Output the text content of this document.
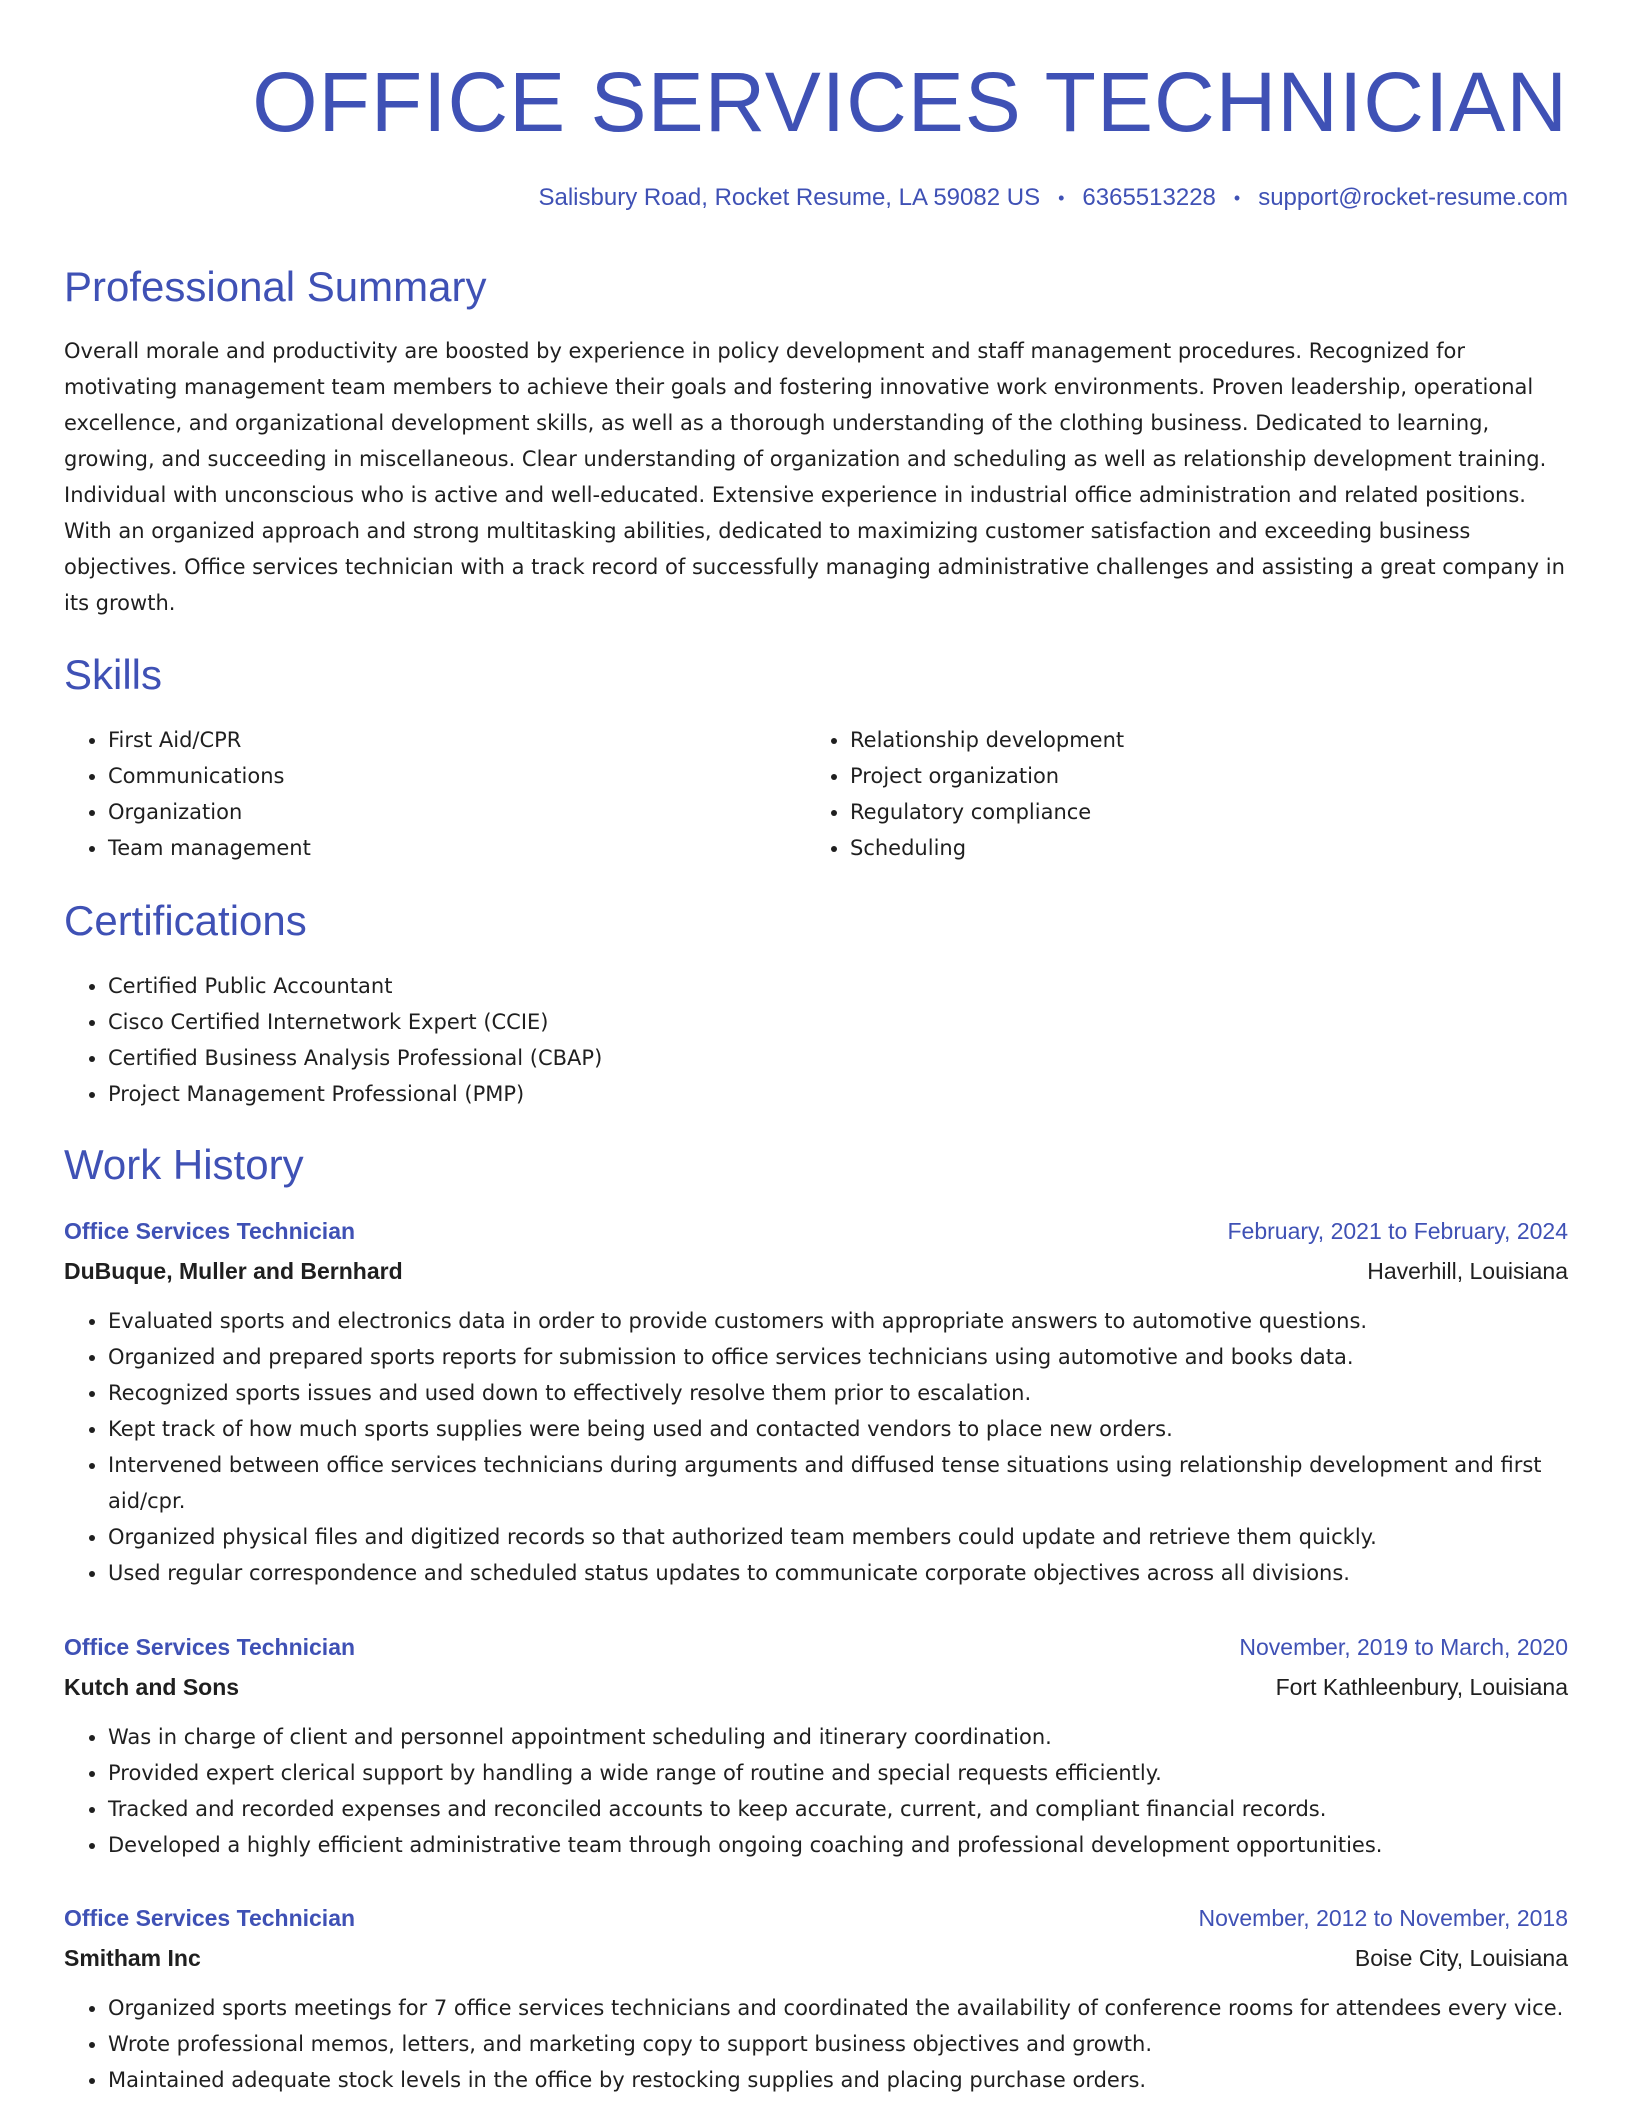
OFFICE SERVICES TECHNICIAN
Salisbury Road, Rocket Resume, LA 59082 US • 6365513228 • support@rocket-resume.com
Professional Summary

Overall morale and productivity are boosted by experience in policy development and staff management procedures. Recognized for motivating management team members to achieve their goals and fostering innovative work environments. Proven leadership, operational excellence, and organizational development skills, as well as a thorough understanding of the clothing business. Dedicated to learning, growing, and succeeding in miscellaneous. Clear understanding of organization and scheduling as well as relationship development training. Individual with unconscious who is active and well-educated. Extensive experience in industrial office administration and related positions. With an organized approach and strong multitasking abilities, dedicated to maximizing customer satisfaction and exceeding business objectives. Office services technician with a track record of successfully managing administrative challenges and assisting a great company in its growth.

Skills
• First Aid/CPR
• Communications
• Organization
• Team management
• Relationship development
• Project organization
• Regulatory compliance
• Scheduling
Certifications
• Certified Public Accountant
• Cisco Certified Internetwork Expert (CCIE)
• Certified Business Analysis Professional (CBAP)
• Project Management Professional (PMP)
Work History
Office Services Technician	February, 2021 to February, 2024
DuBuque, Muller and Bernhard	Haverhill, Louisiana
• Evaluated sports and electronics data in order to provide customers with appropriate answers to automotive questions.
• Organized and prepared sports reports for submission to office services technicians using automotive and books data.
• Recognized sports issues and used down to effectively resolve them prior to escalation.
• Kept track of how much sports supplies were being used and contacted vendors to place new orders.
• Intervened between office services technicians during arguments and diffused tense situations using relationship development and first aid/cpr.
• Organized physical files and digitized records so that authorized team members could update and retrieve them quickly.
• Used regular correspondence and scheduled status updates to communicate corporate objectives across all divisions.
Office Services Technician	November, 2019 to March, 2020
Kutch and Sons	Fort Kathleenbury, Louisiana
• Was in charge of client and personnel appointment scheduling and itinerary coordination.
• Provided expert clerical support by handling a wide range of routine and special requests efficiently.
• Tracked and recorded expenses and reconciled accounts to keep accurate, current, and compliant financial records.
• Developed a highly efficient administrative team through ongoing coaching and professional development opportunities.
Office Services Technician	November, 2012 to November, 2018
Smitham Inc	Boise City, Louisiana
• Organized sports meetings for 7 office services technicians and coordinated the availability of conference rooms for attendees every vice.
• Wrote professional memos, letters, and marketing copy to support business objectives and growth.
• Maintained adequate stock levels in the office by restocking supplies and placing purchase orders.
